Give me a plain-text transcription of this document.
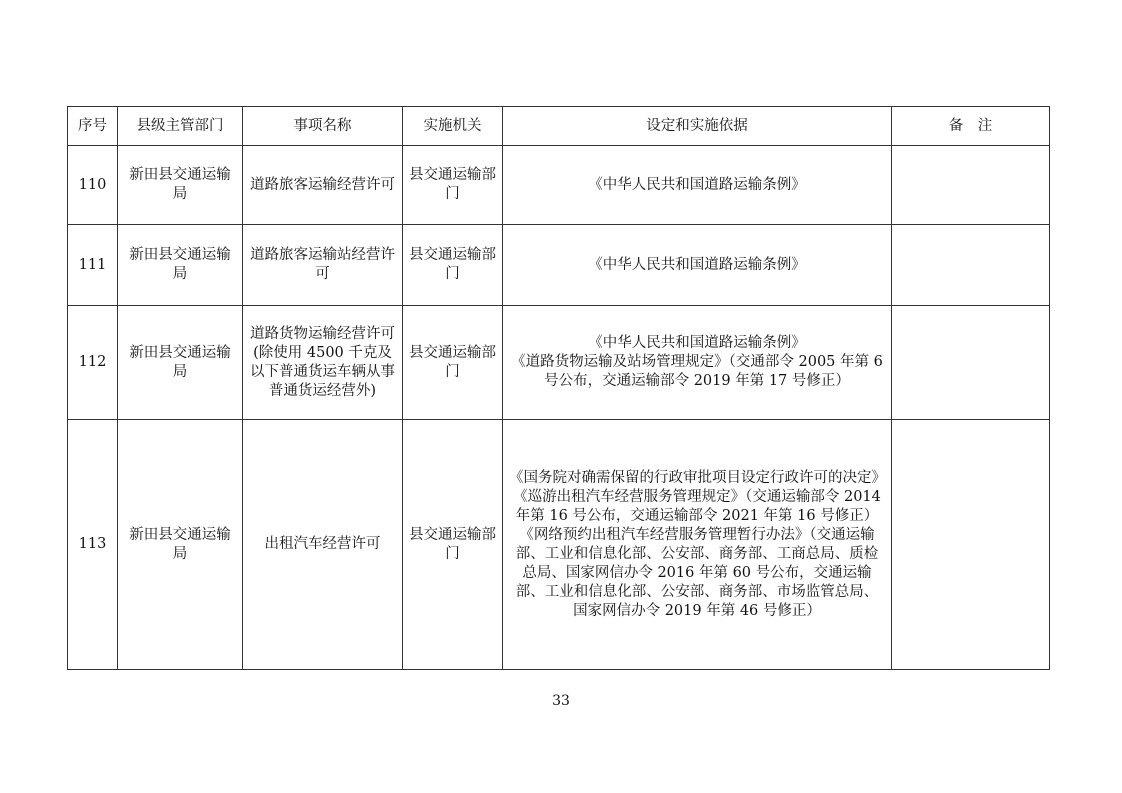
序号	县级主管部门	事项名称	实施机关	设定和实施依据	备　注
110	新田县交通运输局	道路旅客运输经营许可	县交通运输部门	《中华人民共和国道路运输条例》	

111	新田县交通运输局	道路旅客运输站经营许可	县交通运输部门	《中华人民共和国道路运输条例》	

112	新田县交通运输局	道路货物运输经营许可(除使用 4500 千克及以下普通货运车辆从事普通货运经营外)	县交通运输部门	《中华人民共和国道路运输条例》
《道路货物运输及站场管理规定》（交通部令 2005 年第 6 号公布，交通运输部令 2019 年第 17 号修正）	

113	新田县交通运输局	出租汽车经营许可	县交通运输部门	《国务院对确需保留的行政审批项目设定行政许可的决定》
《巡游出租汽车经营服务管理规定》（交通运输部令 2014 年第 16 号公布，交通运输部令 2021 年第 16 号修正）
《网络预约出租汽车经营服务管理暂行办法》（交通运输部、工业和信息化部、公安部、商务部、工商总局、质检总局、国家网信办令 2016 年第 60 号公布，交通运输部、工业和信息化部、公安部、商务部、市场监管总局、国家网信办令 2019 年第 46 号修正）	

33
